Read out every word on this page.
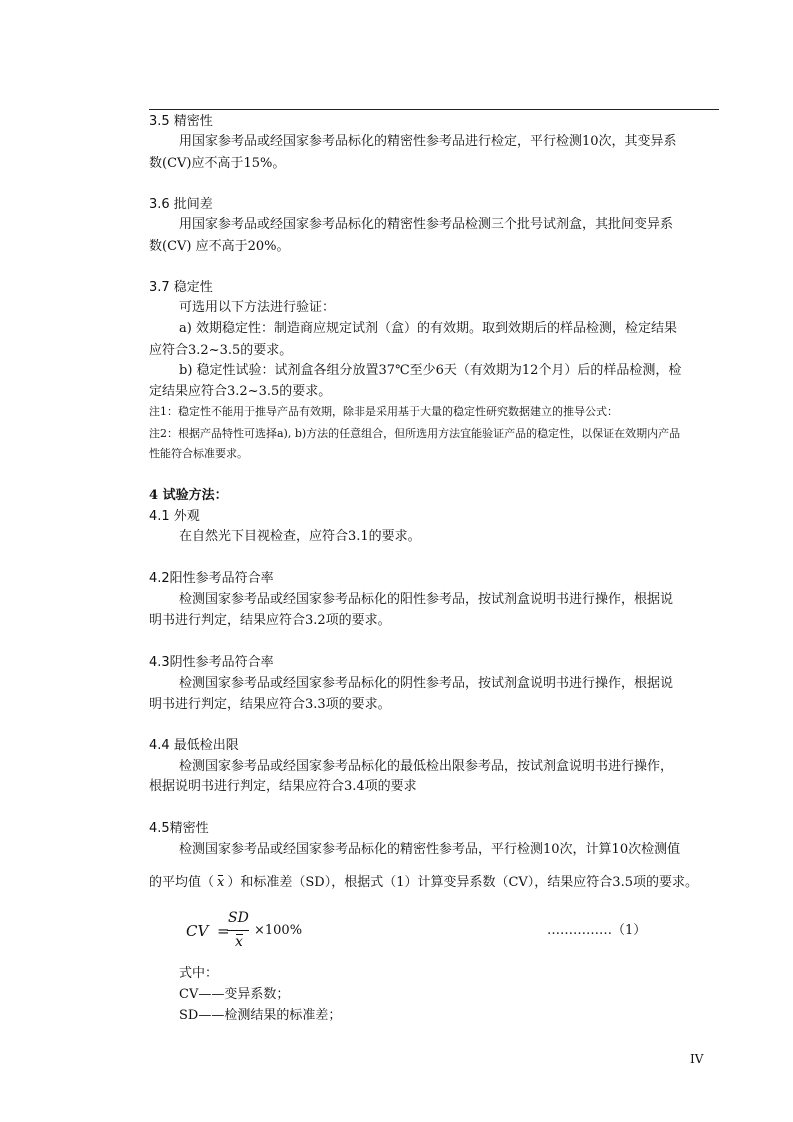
3.5 精密性
用国家参考品或经国家参考品标化的精密性参考品进行检定，平行检测10次，其变异系
数(CV)应不高于15%。
3.6 批间差
用国家参考品或经国家参考品标化的精密性参考品检测三个批号试剂盒，其批间变异系
数(CV) 应不高于20%。
3.7 稳定性
可选用以下方法进行验证：
a) 效期稳定性：制造商应规定试剂（盒）的有效期。取到效期后的样品检测，检定结果
应符合3.2~3.5的要求。
b) 稳定性试验：试剂盒各组分放置37℃至少6天（有效期为12个月）后的样品检测，检
定结果应符合3.2~3.5的要求。
注1：稳定性不能用于推导产品有效期，除非是采用基于大量的稳定性研究数据建立的推导公式：
注2：根据产品特性可选择a), b)方法的任意组合，但所选用方法宜能验证产品的稳定性，以保证在效期内产品
性能符合标准要求。
4 试验方法：
4.1 外观
在自然光下目视检查，应符合3.1的要求。
4.2阳性参考品符合率
检测国家参考品或经国家参考品标化的阳性参考品，按试剂盒说明书进行操作，根据说
明书进行判定，结果应符合3.2项的要求。
4.3阴性参考品符合率
检测国家参考品或经国家参考品标化的阴性参考品，按试剂盒说明书进行操作，根据说
明书进行判定，结果应符合3.3项的要求。
4.4 最低检出限
检测国家参考品或经国家参考品标化的最低检出限参考品，按试剂盒说明书进行操作，
根据说明书进行判定，结果应符合3.4项的要求
4.5精密性
检测国家参考品或经国家参考品标化的精密性参考品，平行检测10次，计算10次检测值
的平均值（ x ）和标准差（SD），根据式（1）计算变异系数（CV），结果应符合3.5项的要求。
CV =
SD
x
×100%	……………（1）
式中：
CV——变异系数；
SD——检测结果的标准差；
IV
